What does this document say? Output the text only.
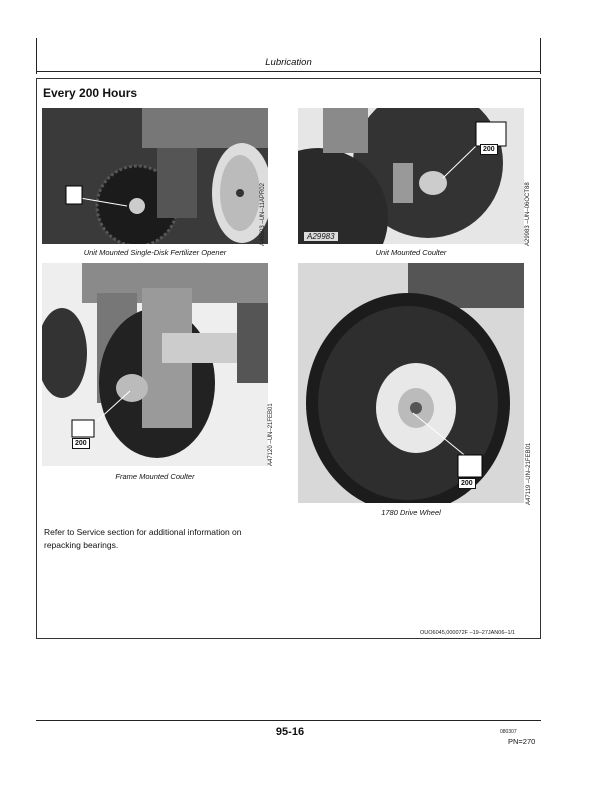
Lubrication
Every 200 Hours
A46503 –UN–11APR02
Unit Mounted Single-Disk Fertilizer Opener
200
A29983	A29983 –UN–06OCT88
Unit Mounted Coulter
200	A47120 –UN–21FEB01
Frame Mounted Coulter
200	A47119 –UN–21FEB01
1780 Drive Wheel
Refer to Service section for additional information on repacking bearings.
OUO6045,000072F –19–27JAN06–1/1
95-16	080307
PN=270
